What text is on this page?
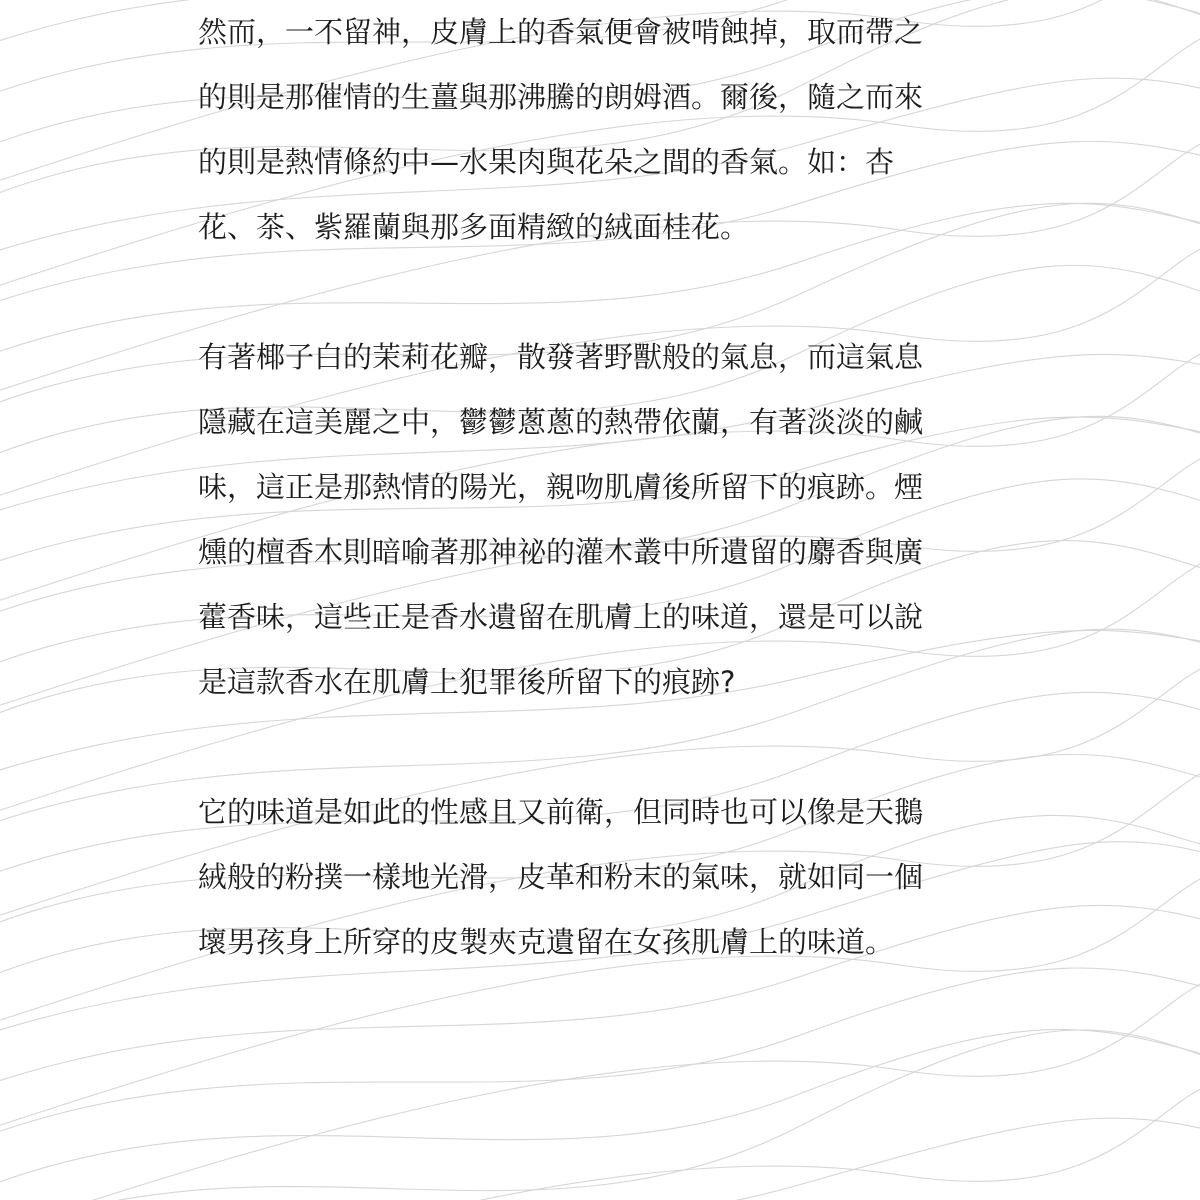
然而，一不留神，皮膚上的香氣便會被啃蝕掉，取而帶之

的則是那催情的生薑與那沸騰的朗姆酒。爾後，隨之而來

的則是熱情條約中—水果肉與花朵之間的香氣。如：杏

花、茶、紫羅蘭與那多面精緻的絨面桂花。

有著椰子白的茉莉花瓣，散發著野獸般的氣息，而這氣息

隱藏在這美麗之中，鬱鬱蔥蔥的熱帶依蘭，有著淡淡的鹹

味，這正是那熱情的陽光，親吻肌膚後所留下的痕跡。煙

燻的檀香木則暗喻著那神祕的灌木叢中所遺留的麝香與廣

藿香味，這些正是香水遺留在肌膚上的味道，還是可以說

是這款香水在肌膚上犯罪後所留下的痕跡?

它的味道是如此的性感且又前衛，但同時也可以像是天鵝

絨般的粉撲一樣地光滑，皮革和粉末的氣味，就如同一個

壞男孩身上所穿的皮製夾克遺留在女孩肌膚上的味道。
